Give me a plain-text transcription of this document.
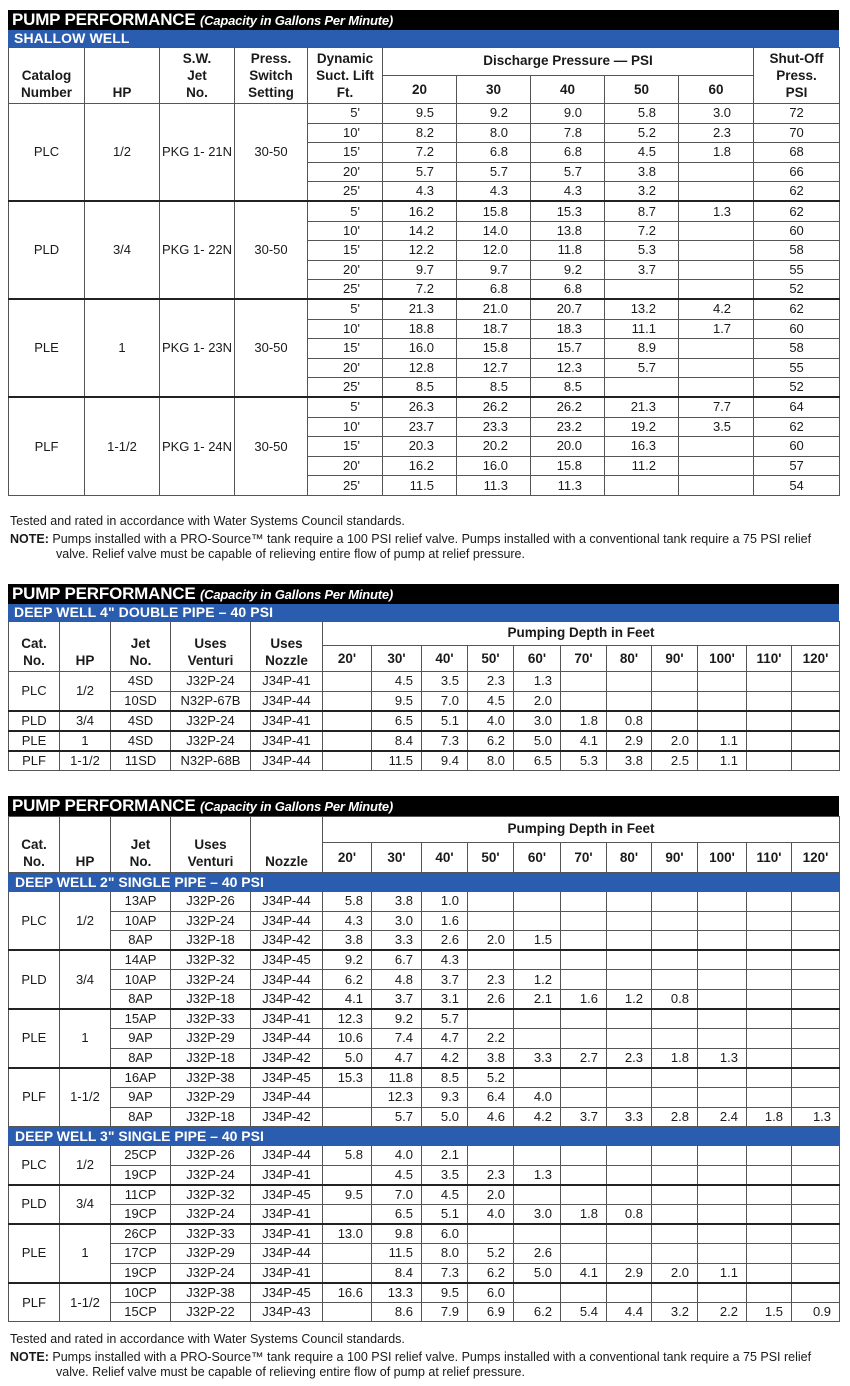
PUMP PERFORMANCE (Capacity in Gallons Per Minute)
SHALLOW WELL
Catalog Number	HP	S.W. Jet No.	Press. Switch Setting	Dynamic Suct. Lift Ft.	Discharge Pressure — PSI					Shut-Off Press. PSI
					20	30	40	50	60	
PLC	1/2	PKG 1- 21N	30-50	5'	9.5	9.2	9.0	5.8	3.0	72
				10'	8.2	8.0	7.8	5.2	2.3	70
				15'	7.2	6.8	6.8	4.5	1.8	68
				20'	5.7	5.7	5.7	3.8		66
				25'	4.3	4.3	4.3	3.2		62
PLD	3/4	PKG 1- 22N	30-50	5'	16.2	15.8	15.3	8.7	1.3	62
				10'	14.2	14.0	13.8	7.2		60
				15'	12.2	12.0	11.8	5.3		58
				20'	9.7	9.7	9.2	3.7		55
				25'	7.2	6.8	6.8			52
PLE	1	PKG 1- 23N	30-50	5'	21.3	21.0	20.7	13.2	4.2	62
				10'	18.8	18.7	18.3	11.1	1.7	60
				15'	16.0	15.8	15.7	8.9		58
				20'	12.8	12.7	12.3	5.7		55
				25'	8.5	8.5	8.5			52
PLF	1-1/2	PKG 1- 24N	30-50	5'	26.3	26.2	26.2	21.3	7.7	64
				10'	23.7	23.3	23.2	19.2	3.5	62
				15'	20.3	20.2	20.0	16.3		60
				20'	16.2	16.0	15.8	11.2		57
				25'	11.5	11.3	11.3			54
Tested and rated in accordance with Water Systems Council standards.
NOTE: Pumps installed with a PRO-Source™ tank require a 100 PSI relief valve. Pumps installed with a conventional tank require a 75 PSI relief valve. Relief valve must be capable of relieving entire flow of pump at relief pressure.
PUMP PERFORMANCE (Capacity in Gallons Per Minute)
DEEP WELL 4" DOUBLE PIPE – 40 PSI
Cat. No.	HP	Jet No.	Uses Venturi	Uses Nozzle	Pumping Depth in Feet										
					20'	30'	40'	50'	60'	70'	80'	90'	100'	110'	120'
PLC	1/2	4SD	J32P-24	J34P-41		4.5	3.5	2.3	1.3						
		10SD	N32P-67B	J34P-44		9.5	7.0	4.5	2.0						
PLD	3/4	4SD	J32P-24	J34P-41		6.5	5.1	4.0	3.0	1.8	0.8				
PLE	1	4SD	J32P-24	J34P-41		8.4	7.3	6.2	5.0	4.1	2.9	2.0	1.1		
PLF	1-1/2	11SD	N32P-68B	J34P-44		11.5	9.4	8.0	6.5	5.3	3.8	2.5	1.1		
PUMP PERFORMANCE (Capacity in Gallons Per Minute)
Cat. No.	HP	Jet No.	Uses Venturi	Nozzle	Pumping Depth in Feet										
					20'	30'	40'	50'	60'	70'	80'	90'	100'	110'	120'
DEEP WELL 2" SINGLE PIPE – 40 PSI															
PLC	1/2	13AP	J32P-26	J34P-44	5.8	3.8	1.0								
		10AP	J32P-24	J34P-44	4.3	3.0	1.6								
		8AP	J32P-18	J34P-42	3.8	3.3	2.6	2.0	1.5						
PLD	3/4	14AP	J32P-32	J34P-45	9.2	6.7	4.3								
		10AP	J32P-24	J34P-44	6.2	4.8	3.7	2.3	1.2						
		8AP	J32P-18	J34P-42	4.1	3.7	3.1	2.6	2.1	1.6	1.2	0.8			
PLE	1	15AP	J32P-33	J34P-41	12.3	9.2	5.7								
		9AP	J32P-29	J34P-44	10.6	7.4	4.7	2.2							
		8AP	J32P-18	J34P-42	5.0	4.7	4.2	3.8	3.3	2.7	2.3	1.8	1.3		
PLF	1-1/2	16AP	J32P-38	J34P-45	15.3	11.8	8.5	5.2							
		9AP	J32P-29	J34P-44		12.3	9.3	6.4	4.0						
		8AP	J32P-18	J34P-42		5.7	5.0	4.6	4.2	3.7	3.3	2.8	2.4	1.8	1.3
DEEP WELL 3" SINGLE PIPE – 40 PSI															
PLC	1/2	25CP	J32P-26	J34P-44	5.8	4.0	2.1								
		19CP	J32P-24	J34P-41		4.5	3.5	2.3	1.3						
PLD	3/4	11CP	J32P-32	J34P-45	9.5	7.0	4.5	2.0							
		19CP	J32P-24	J34P-41		6.5	5.1	4.0	3.0	1.8	0.8				
PLE	1	26CP	J32P-33	J34P-41	13.0	9.8	6.0								
		17CP	J32P-29	J34P-44		11.5	8.0	5.2	2.6						
		19CP	J32P-24	J34P-41		8.4	7.3	6.2	5.0	4.1	2.9	2.0	1.1		
PLF	1-1/2	10CP	J32P-38	J34P-45	16.6	13.3	9.5	6.0							
		15CP	J32P-22	J34P-43		8.6	7.9	6.9	6.2	5.4	4.4	3.2	2.2	1.5	0.9
Tested and rated in accordance with Water Systems Council standards.
NOTE: Pumps installed with a PRO-Source™ tank require a 100 PSI relief valve. Pumps installed with a conventional tank require a 75 PSI relief valve. Relief valve must be capable of relieving entire flow of pump at relief pressure.
